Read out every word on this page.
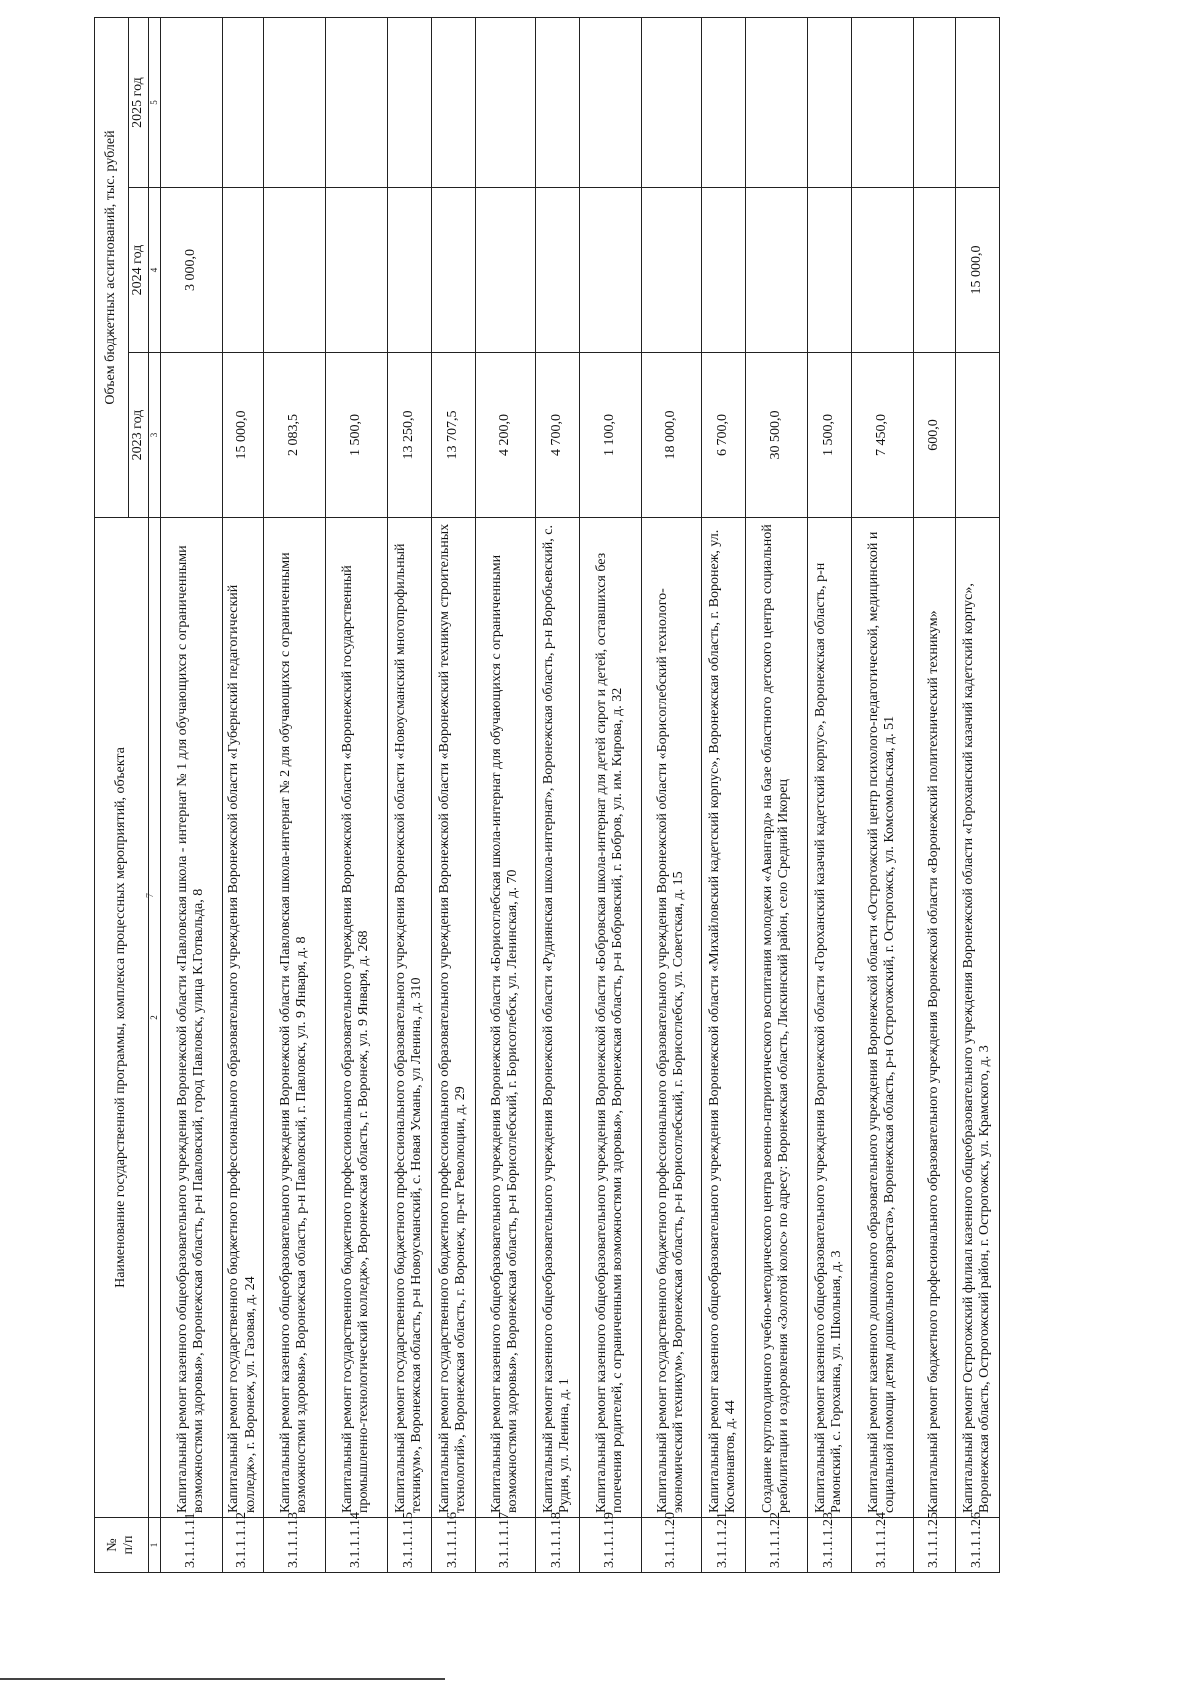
7
№
п/п	Наименование государственной программы, комплекса процессных мероприятий, объекта	Объем бюджетных ассигнований, тыс. рублей		
		2023 год	2024 год	2025 год
1	2	3	4	5
3.1.1.1.11	Капитальный ремонт казенного общеобразовательного учреждения Воронежской области «Павловская школа - интернат № 1 для обучающихся с ограниченными возможностями здоровья», Воронежская область, р-н Павловский, город Павловск, улица К.Готвальда, 8		3 000,0	
3.1.1.1.12	Капитальный ремонт государственного бюджетного профессионального образовательного учреждения Воронежской области «Губернский педагогический колледж», г. Воронеж, ул. Газовая, д. 24	15 000,0		
3.1.1.1.13	Капитальный ремонт казенного общеобразовательного учреждения Воронежской области «Павловская школа-интернат № 2 для обучающихся с ограниченными возможностями здоровья», Воронежская область, р-н Павловский, г. Павловск, ул. 9 Января, д. 8	2 083,5		
3.1.1.1.14	Капитальный ремонт государственного бюджетного профессионального образовательного учреждения Воронежской области «Воронежский государственный промышленно-технологический колледж», Воронежская область, г. Воронеж, ул. 9 Января, д. 268	1 500,0		
3.1.1.1.15	Капитальный ремонт государственного бюджетного профессионального образовательного учреждения Воронежской области «Новоусманский многопрофильный техникум», Воронежская область, р-н Новоусманский, с. Новая Усмань, ул Ленина, д. 310	13 250,0		
3.1.1.1.16	Капитальный ремонт государственного бюджетного профессионального образовательного учреждения Воронежской области «Воронежский техникум строительных технологий», Воронежская область, г. Воронеж, пр-кт Революции, д. 29	13 707,5		
3.1.1.1.17	Капитальный ремонт казенного общеобразовательного учреждения Воронежской области «Борисоглебская школа-интернат для обучающихся с ограниченными возможностями здоровья», Воронежская область, р-н Борисоглебский, г. Борисоглебск, ул. Ленинская, д. 70	4 200,0		
3.1.1.1.18	Капитальный ремонт казенного общеобразовательного учреждения Воронежской области «Руднянская школа-интернат», Воронежская область, р-н Воробьевский, с. Рудня, ул. Ленина, д. 1	4 700,0		
3.1.1.1.19	Капитальный ремонт казенного общеобразовательного учреждения Воронежской области «Бобровская школа-интернат для детей сирот и детей, оставшихся без попечения родителей, с ограниченными возможностями здоровья», Воронежская область, р-н Бобровский, г. Бобров, ул. им. Кирова, д. 32	1 100,0		
3.1.1.1.20	Капитальный ремонт государственного бюджетного профессионального образовательного учреждения Воронежской области «Борисоглебский технолого-экономический техникум», Воронежская область, р-н Борисоглебский, г. Борисоглебск, ул. Советская, д. 15	18 000,0		
3.1.1.1.21	Капитальный ремонт казенного общеобразовательного учреждения Воронежской области «Михайловский кадетский корпус», Воронежская область, г. Воронеж, ул. Космонавтов, д. 44	6 700,0		
3.1.1.1.22	Создание круглогодичного учебно-методического центра военно-патриотического воспитания молодежи «Авангард» на базе областного детского центра социальной реабилитации и оздоровления «Золотой колос» по адресу: Воронежская область, Лискинский район, село Средний Икорец	30 500,0		
3.1.1.1.23	Капитальный ремонт казенного общеобразовательного учреждения Воронежской области «Гороханский казачий кадетский корпус», Воронежская область, р-н Рамонский, с. Гороханка, ул. Школьная, д. 3	1 500,0		
3.1.1.1.24	Капитальный ремонт казенного дошкольного образовательного учреждения Воронежской области «Острогожский центр психолого-педагогической, медицинской и социальной помощи детям дошкольного возраста», Воронежская область, р-н Острогожский, г. Острогожск, ул. Комсомольская, д. 51	7 450,0		
3.1.1.1.25	Капитальный ремонт бюджетного професионального образовательного учреждения Воронежской области «Воронежский политехнический техникум»	600,0		
3.1.1.1.26	Капитальный ремонт Острогожский филиал казенного общеобразовательного учреждения Воронежской области «Гороханский казачий кадетский корпус», Воронежская область, Острогожский район, г. Острогожск, ул. Крамского, д. 3		15 000,0	
